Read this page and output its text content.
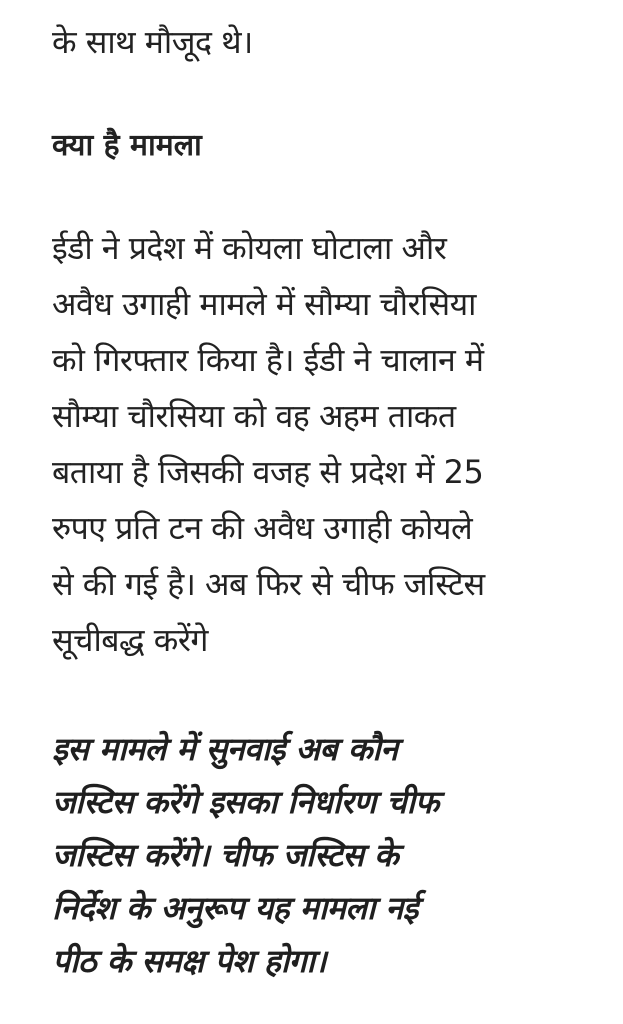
के साथ मौजूद थे।
क्या है मामला
ईडी ने प्रदेश में कोयला घोटाला और
अवैध उगाही मामले में सौम्या चौरसिया
को गिरफ्तार किया है। ईडी ने चालान में
सौम्या चौरसिया को वह अहम ताकत
बताया है जिसकी वजह से प्रदेश में 25
रुपए प्रति टन की अवैध उगाही कोयले
से की गई है। अब फिर से चीफ जस्टिस
सूचीबद्ध करेंगे
इस मामले में सुनवाई अब कौन
जस्टिस करेंगे इसका निर्धारण चीफ
जस्टिस करेंगे। चीफ जस्टिस के
निर्देश के अनुरूप यह मामला नई
पीठ के समक्ष पेश होगा।
